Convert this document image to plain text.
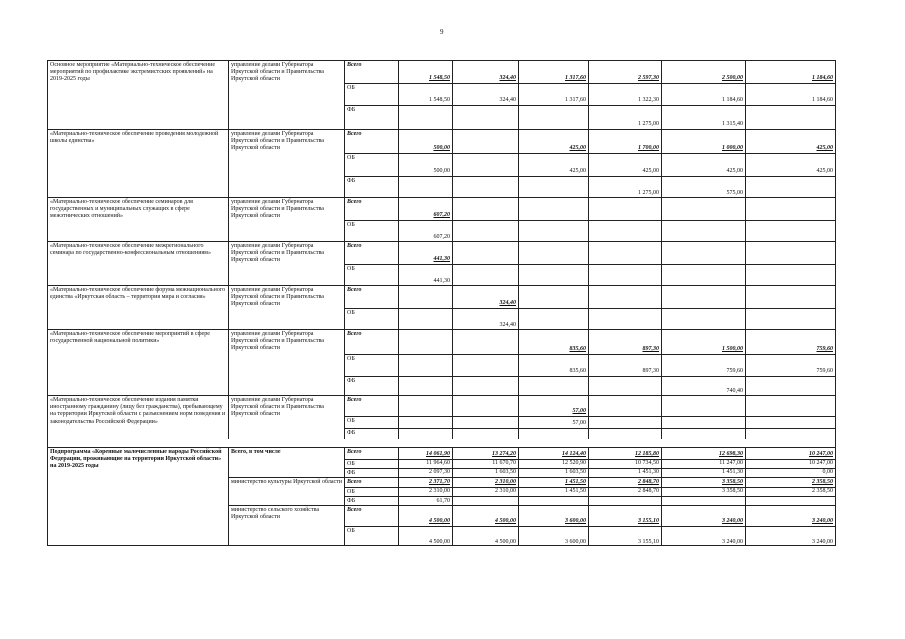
9
Основное мероприятие «Материально-техническое обеспечение мероприятий по профилактике экстремистских проявлений» на 2019-2025 годы
управление делами Губернатора Иркутской области и Правительства Иркутской области
Всего
ОБ
ФБ
1 548,50
1 548,50
324,40
324,40
1 317,60
1 317,60
2 597,30
1 322,30
1 275,00
2 500,00
1 184,60
1 315,40
1 184,60
1 184,60
«Материально-техническое обеспечение проведения молодежной школы единства»
управление делами Губернатора Иркутской области и Правительства Иркутской области
Всего
ОБ
ФБ
500,00
500,00
425,00
425,00
1 700,00
425,00
1 275,00
1 000,00
425,00
575,00
425,00
425,00
«Материально-техническое обеспечение семинаров для государственных и муниципальных служащих в сфере межэтнических отношений»
управление делами Губернатора Иркутской области и Правительства Иркутской области
Всего
ОБ
607,20
607,20
«Материально-техническое обеспечение межрегионального семинара по государственно-конфессиональным отношениям»
управление делами Губернатора Иркутской области и Правительства Иркутской области
Всего
ОБ
441,30
441,30
«Материально-техническое обеспечение форума межнационального единства «Иркутская область – территория мира и согласия»
управление делами Губернатора Иркутской области и Правительства Иркутской области
Всего
ОБ
324,40
324,40
«Материально-техническое обеспечение мероприятий в сфере государственной национальной политики»
управление делами Губернатора Иркутской области и Правительства Иркутской области
Всего
ОБ
ФБ
835,60
835,60
897,30
897,30
1 500,00
759,60
740,40
759,60
759,60
«Материально-техническое обеспечение издания памятки иностранному гражданину (лицу без гражданства), пребывающему на территории Иркутской области с разъяснением норм поведения и законодательства Российской Федерации»
управление делами Губернатора Иркутской области и Правительства Иркутской области
Всего
ОБ
ФБ
57,00
57,00
Подпрограмма «Коренные малочисленные народы Российской Федерации, проживающие на территории Иркутской области» на 2019-2025 годы
Всего, в том числе	Всего
ОБ
ФБ
14 061,90
11 964,60
2 097,30
13 274,20
11 670,70
1 603,50
14 124,40
12 520,90
1 603,50
12 185,80
10 734,50
1 451,30
12 698,30
11 247,00
1 451,30
10 247,00
10 247,00
0,00
министерство культуры Иркутской области Всего
ОБ
ФБ
2 371,70
2 310,00
61,70
2 310,00
2 310,00
1 451,50
1 451,50
2 848,70
2 848,70
3 358,50
3 358,50
2 358,50
2 358,50
министерство сельского хозяйства Иркутской области
Всего
ОБ
4 500,00
4 500,00
4 500,00
4 500,00
3 600,00
3 600,00
3 155,10
3 155,10
3 240,00
3 240,00
3 240,00
3 240,00
